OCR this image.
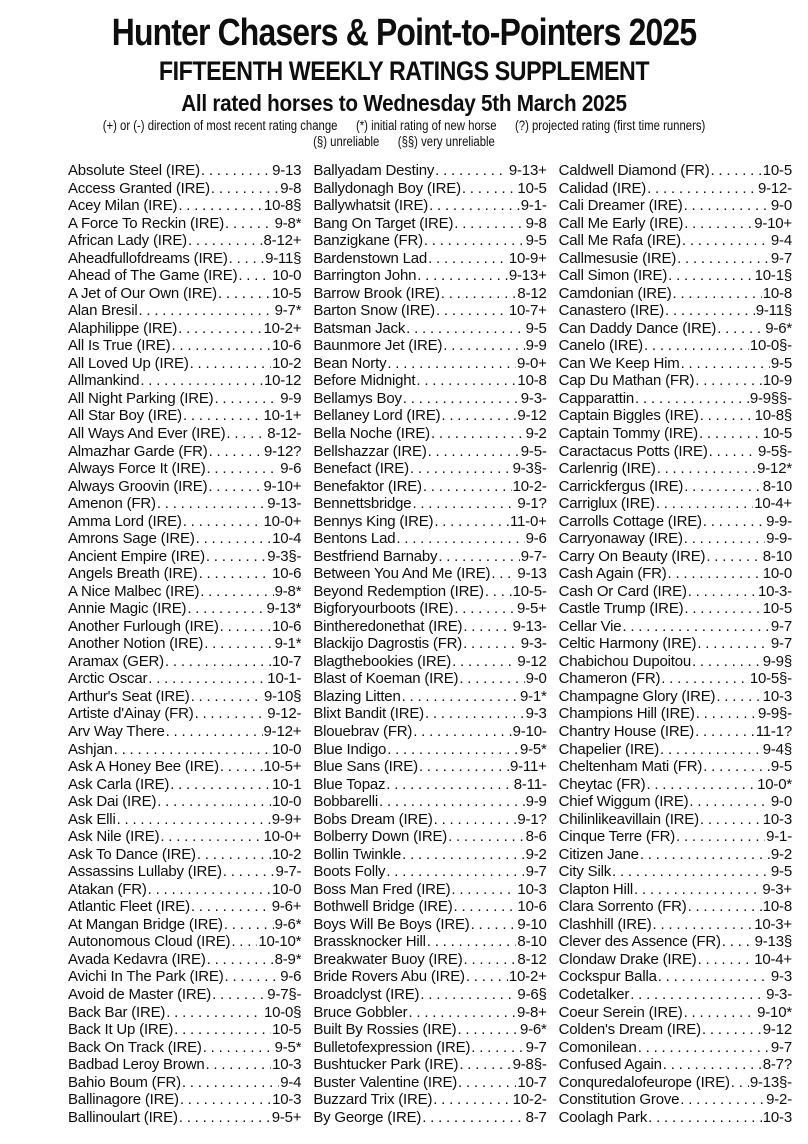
Hunter Chasers & Point-to-Pointers 2025
FIFTEENTH WEEKLY RATINGS SUPPLEMENT
All rated horses to Wednesday 5th March 2025
(+) or (-) direction of most recent rating change (*) initial rating of new horse (?) projected rating (first time runners)
(§) unreliable (§§) very unreliable
Absolute Steel (IRE) . . .	9-13
Access Granted (IRE) . . .	9-8
Acey Milan (IRE) . . .	10-8§
A Force To Reckin (IRE) . . .	9-8*
African Lady (IRE) . . .	8-12+
Aheadfullofdreams (IRE) . . . 9-11§
Ahead of The Game (IRE) . . . 10-0
A Jet of Our Own (IRE) . . .	10-5
Alan Bresil . . .	9-7*
Alaphilippe (IRE) . . .	10-2+
All Is True (IRE) . . .	10-6
All Loved Up (IRE) . . .	10-2
Allmankind . . .	10-12
All Night Parking (IRE) . . .	9-9
All Star Boy (IRE) . . .	10-1+
All Ways And Ever (IRE) . . .	8-12-
Almazhar Garde (FR) . . .	9-12?
Always Force It (IRE) . . .	9-6
Always Groovin (IRE) . . .	9-10+
Amenon (FR) . . .	9-13-
Amma Lord (IRE) . . .	10-0+
Amrons Sage (IRE) . . .	10-4
Ancient Empire (IRE) . . .	9-3§-
Angels Breath (IRE) . . .	10-6
A Nice Malbec (IRE) . . .	9-8*
Annie Magic (IRE) . . .	9-13*
Another Furlough (IRE) . . .	10-6
Another Notion (IRE) . . .	9-1*
Aramax (GER) . . .	10-7
Arctic Oscar . . .	10-1-
Arthur's Seat (IRE) . . .	9-10§
Artiste d'Ainay (FR) . . .	9-12-
Arv Way There . . .	9-12+
Ashjan . . .	10-0
Ask A Honey Bee (IRE) . . .	10-5+
Ask Carla (IRE) . . .	10-1
Ask Dai (IRE) . . .	10-0
Ask Elli . . .	9-9+
Ask Nile (IRE) . . .	10-0+
Ask To Dance (IRE) . . .	10-2
Assassins Lullaby (IRE) . . .	9-7-
Atakan (FR) . . .	10-0
Atlantic Fleet (IRE) . . .	9-6+
At Mangan Bridge (IRE) . . .	9-6*
Autonomous Cloud (IRE) . . . 10-10*
Avada Kedavra (IRE) . . .	8-9*
Avichi In The Park (IRE) . . .	9-6
Avoid de Master (IRE) . . .	9-7§-
Back Bar (IRE) . . .	10-0§
Back It Up (IRE) . . .	10-5
Back On Track (IRE) . . .	9-5*
Badbad Leroy Brown . . .	10-3
Bahio Boum (FR) . . .	9-4
Ballinagore (IRE) . . .	10-3
Ballinoulart (IRE) . . .	9-5+
Ballyadam Destiny . . .	9-13+
Ballydonagh Boy (IRE) . . .	10-5
Ballywhatsit (IRE) . . .	9-1-
Bang On Target (IRE) . . .	9-8
Banzigkane (FR) . . .	9-5
Bardenstown Lad . . .	10-9+
Barrington John . . .	9-13+
Barrow Brook (IRE) . . .	8-12
Barton Snow (IRE) . . .	10-7+
Batsman Jack . . .	9-5
Baunmore Jet (IRE) . . .	9-9
Bean Norty . . .	9-0+
Before Midnight . . .	10-8
Bellamys Boy . . .	9-3-
Bellaney Lord (IRE) . . .	9-12
Bella Noche (IRE) . . .	9-2
Bellshazzar (IRE) . . .	9-5-
Benefact (IRE) . . .	9-3§-
Benefaktor (IRE) . . .	10-2-
Bennettsbridge . . .	9-1?
Bennys King (IRE) . . .	11-0+
Bentons Lad . . .	9-6
Bestfriend Barnaby . . .	9-7-
Between You And Me (IRE) . . . 9-13
Beyond Redemption (IRE) . . . 10-5-
Bigforyourboots (IRE) . . .	9-5+
Bintheredonethat (IRE) . . .	9-13-
Blackijo Dagrostis (FR) . . .	9-3-
Blagthebookies (IRE) . . .	9-12
Blast of Koeman (IRE) . . .	9-0
Blazing Litten . . .	9-1*
Blixt Bandit (IRE) . . .	9-3
Blouebrav (FR) . . .	9-10-
Blue Indigo . . .	9-5*
Blue Sans (IRE) . . .	9-11+
Blue Topaz . . .	8-11-
Bobbarelli . . .	9-9
Bobs Dream (IRE) . . .	9-1?
Bolberry Down (IRE) . . .	8-6
Bollin Twinkle . . .	9-2
Boots Folly . . .	9-7
Boss Man Fred (IRE) . . .	10-3
Bothwell Bridge (IRE) . . .	10-6
Boys Will Be Boys (IRE) . . .	9-10
Brassknocker Hill . . .	8-10
Breakwater Buoy (IRE) . . .	8-12
Bride Rovers Abu (IRE) . . .	10-2+
Broadclyst (IRE) . . .	9-6§
Bruce Gobbler . . .	9-8+
Built By Rossies (IRE) . . .	9-6*
Bulletofexpression (IRE) . . .	9-7
Bushtucker Park (IRE) . . .	9-8§-
Buster Valentine (IRE) . . .	10-7
Buzzard Trix (IRE) . . .	10-2-
By George (IRE) . . .	8-7
Caldwell Diamond (FR) . . .	10-5
Calidad (IRE) . . .	9-12-
Cali Dreamer (IRE) . . .	9-0
Call Me Early (IRE) . . .	9-10+
Call Me Rafa (IRE) . . .	9-4
Callmesusie (IRE) . . .	9-7
Call Simon (IRE) . . .	10-1§
Camdonian (IRE) . . .	10-8
Canastero (IRE) . . .	9-11§
Can Daddy Dance (IRE) . . .	9-6*
Canelo (IRE) . . .	10-0§-
Can We Keep Him . . .	9-5
Cap Du Mathan (FR) . . .	10-9
Capparattin . . .	9-9§§-
Captain Biggles (IRE) . . .	10-8§
Captain Tommy (IRE) . . .	10-5
Caractacus Potts (IRE) . . .	9-5§-
Carlenrig (IRE) . . .	9-12*
Carrickfergus (IRE) . . .	8-10
Carriglux (IRE) . . .	10-4+
Carrolls Cottage (IRE) . . .	9-9-
Carryonaway (IRE) . . .	9-9-
Carry On Beauty (IRE) . . .	8-10
Cash Again (FR) . . .	10-0
Cash Or Card (IRE) . . .	10-3-
Castle Trump (IRE) . . .	10-5
Cellar Vie . . .	9-7
Celtic Harmony (IRE) . . .	9-7
Chabichou Dupoitou . . .	9-9§
Chameron (FR) . . .	10-5§-
Champagne Glory (IRE) . . .	10-3
Champions Hill (IRE) . . .	9-9§-
Chantry House (IRE) . . .	11-1?
Chapelier (IRE) . . .	9-4§
Cheltenham Mati (FR) . . .	9-5
Cheytac (FR) . . .	10-0*
Chief Wiggum (IRE) . . .	9-0
Chilinlikeavillain (IRE) . . .	10-3
Cinque Terre (FR) . . .	9-1-
Citizen Jane . . .	9-2
City Silk . . .	9-5
Clapton Hill . . .	9-3+
Clara Sorrento (FR) . . .	10-8
Clashhill (IRE) . . .	10-3+
Clever des Assence (FR) . . . 9-13§
Clondaw Drake (IRE) . . .	10-4+
Cockspur Balla . . .	9-3
Codetalker . . .	9-3-
Coeur Serein (IRE) . . .	9-10*
Colden's Dream (IRE) . . .	9-12
Comonilean . . .	9-7
Confused Again . . .	8-7?
Conquredalofeurope (IRE) . . . 9-13§-
Constitution Grove . . .	9-2-
Coolagh Park . . .	10-3
